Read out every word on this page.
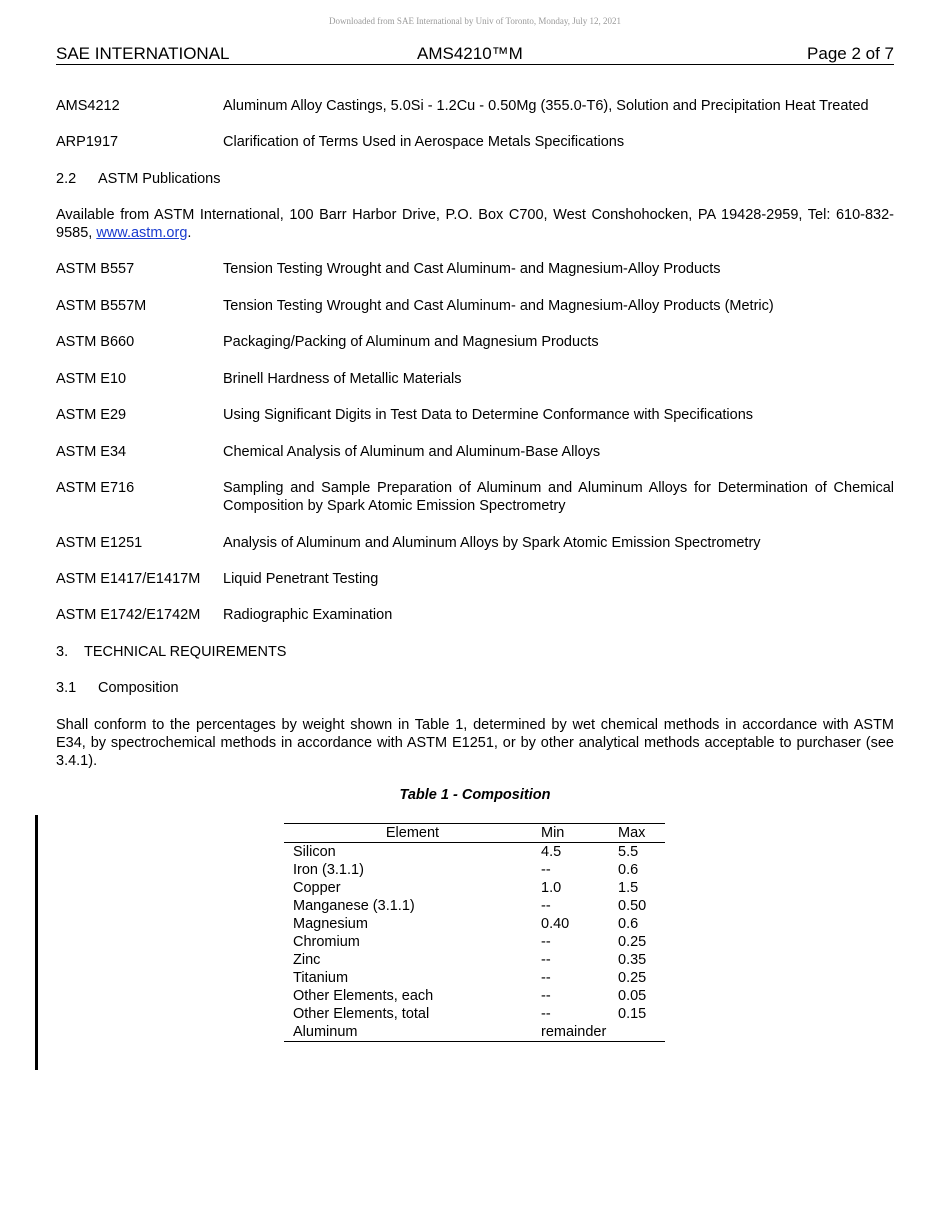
Downloaded from SAE International by Univ of Toronto, Monday, July 12, 2021
SAE INTERNATIONAL	AMS4210™M	Page 2 of 7
AMS4212	Aluminum Alloy Castings, 5.0Si - 1.2Cu - 0.50Mg (355.0-T6), Solution and Precipitation Heat Treated
ARP1917	Clarification of Terms Used in Aerospace Metals Specifications
2.2 ASTM Publications
Available from ASTM International, 100 Barr Harbor Drive, P.O. Box C700, West Conshohocken, PA 19428-2959, Tel: 610-832-9585, www.astm.org.
ASTM B557	Tension Testing Wrought and Cast Aluminum- and Magnesium-Alloy Products
ASTM B557M	Tension Testing Wrought and Cast Aluminum- and Magnesium-Alloy Products (Metric)
ASTM B660	Packaging/Packing of Aluminum and Magnesium Products
ASTM E10	Brinell Hardness of Metallic Materials
ASTM E29	Using Significant Digits in Test Data to Determine Conformance with Specifications
ASTM E34	Chemical Analysis of Aluminum and Aluminum-Base Alloys
ASTM E716	Sampling and Sample Preparation of Aluminum and Aluminum Alloys for Determination of Chemical Composition by Spark Atomic Emission Spectrometry
ASTM E1251	Analysis of Aluminum and Aluminum Alloys by Spark Atomic Emission Spectrometry
ASTM E1417/E1417M	Liquid Penetrant Testing
ASTM E1742/E1742M	Radiographic Examination
3. TECHNICAL REQUIREMENTS
3.1 Composition
Shall conform to the percentages by weight shown in Table 1, determined by wet chemical methods in accordance with ASTM E34, by spectrochemical methods in accordance with ASTM E1251, or by other analytical methods acceptable to purchaser (see 3.4.1).
Table 1 - Composition
Element	Min	Max
Silicon	4.5	5.5
Iron (3.1.1)	--	0.6
Copper	1.0	1.5
Manganese (3.1.1)	--	0.50
Magnesium	0.40	0.6
Chromium	--	0.25
Zinc	--	0.35
Titanium	--	0.25
Other Elements, each	--	0.05
Other Elements, total	--	0.15
Aluminum	remainder	
